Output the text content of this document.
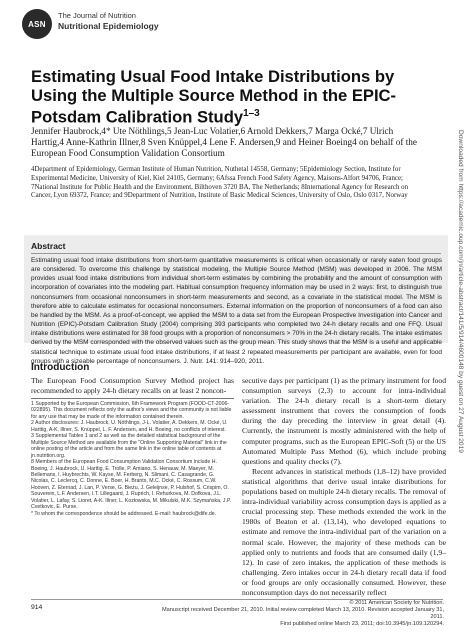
ASN
The Journal of Nutrition
Nutritional Epidemiology
Estimating Usual Food Intake Distributions by Using the Multiple Source Method in the EPIC-Potsdam Calibration Study$^{1-3}$
Jennifer Haubrock,4* Ute Nöthlings,5 Jean-Luc Volatier,6 Arnold Dekkers,7 Marga Ocké,7 Ulrich Harttig,4 Anne-Kathrin Illner,8 Sven Knüppel,4 Lene F. Andersen,9 and Heiner Boeing4 on behalf of the European Food Consumption Validation Consortium
4Department of Epidemiology, German Institute of Human Nutrition, Nuthetal 14558, Germany; 5Epidemiology Section, Institute for Experimental Medicine, University of Kiel, Kiel 24105, Germany; 6Afssa French Food Safety Agency, Maisons-Alfort 94706, France; 7National Institute for Public Health and the Environment, Bilthoven 3720 BA, The Netherlands; 8International Agency for Research on Cancer, Lyon 69372, France; and 9Department of Nutrition, Institute of Basic Medical Sciences, University of Oslo, Oslo 0317, Norway
Abstract
Estimating usual food intake distributions from short-term quantitative measurements is critical when occasionally or rarely eaten food groups are considered. To overcome this challenge by statistical modeling, the Multiple Source Method (MSM) was developed in 2006. The MSM provides usual food intake distributions from individual short-term estimates by combining the probability and the amount of consumption with incorporation of covariates into the modeling part. Habitual consumption frequency information may be used in 2 ways: first, to distinguish true nonconsumers from occasional nonconsumers in short-term measurements and second, as a covariate in the statistical model. The MSM is therefore able to calculate estimates for occasional nonconsumers. External information on the proportion of nonconsumers of a food can also be handled by the MSM. As a proof-of-concept, we applied the MSM to a data set from the European Prospective Investigation into Cancer and Nutrition (EPIC)-Potsdam Calibration Study (2004) comprising 393 participants who completed two 24-h dietary recalls and one FFQ. Usual intake distributions were estimated for 38 food groups with a proportion of nonconsumers > 70% in the 24-h dietary recalls. The intake estimates derived by the MSM corresponded with the observed values such as the group mean. This study shows that the MSM is a useful and applicable statistical technique to estimate usual food intake distributions, if at least 2 repeated measurements per participant are available, even for food groups with a sizeable percentage of nonconsumers. J. Nutr. 141: 914–920, 2011.
Introduction
The European Food Consumption Survey Method project has recommended to apply 24-h dietary recalls on at least 2 noncon-
1 Supported by the European Commission, 6th Framework Program (FOOD-CT-2006-022895). This document reflects only the author's views and the community is not liable for any use that may be made of the information contained therein.
2 Author disclosures: J. Haubrock, U. Nöthlings, J-L. Volatier, A. Dekkers, M. Ocké, U. Harttig, A-K. Illner, S. Knüppel, L. F. Andersen, and H. Boeing, no conflicts of interest.
3 Supplemental Tables 1 and 2 as well as the detailed statistical background of the Multiple Source Method are available from the "Online Supporting Material" link in the online posting of the article and from the same link in the online table of contents at jn.nutrition.org.
8 Members of the European Food Consumption Validation Consortium include H. Boeing, J. Haubrock, U. Harttig, E. Trolle, P. Amiano, S. Henauw, M. Maeyer, M. Bellemans, I. Huybrechts, W. Kayse, M. Ferberg, N. Slimani, C. Casagrande, G. Nicolas, C. Leclercq, C. Donne, E. Boer, H. Brants, M.C. Ocké, C. Rossum, C.W. Hooven, Z. Eternad, J. Lan, P. Verse, G. Bieżu, J. Geleijnse, P. Hulshof, S. Crispim, O. Souverein, L.F. Andersen, I.T. Lillegaard, J. Ruprich, I. Rehurkova, M. Dofkova, J.L. Volatier, L. Lafay, S. Lioret, A-K. Illner, L. Kozłowska, M. Mikulski, M.K. Szymańska, J.P. Cvetkovic, E. Purse.
* To whom the correspondence should be addressed. E-mail: haubrock@dife.de.

secutive days per participant (1) as the primary instrument for food consumption surveys (2,3) to account for intra-individual variation. The 24-h dietary recall is a short-term dietary assessment instrument that covers the consumption of foods during the day preceding the interview in great detail (4). Currently, the instrument is mostly administered with the help of computer programs, such as the European EPIC-Soft (5) or the US Automated Multiple Pass Method (6), which include probing questions and quality checks (7).

Recent advances in statistical methods (1,8–12) have provided statistical algorithms that derive usual intake distributions for populations based on multiple 24-h dietary recalls. The removal of intra-individual variability across consumption days is applied as a crucial processing step. These methods extended the work in the 1980s of Beaton et al. (13,14), who developed equations to estimate and remove the intra-individual part of the variation on a normal scale. However, the majority of these methods can be applied only to nutrients and foods that are consumed daily (1,9–12). In case of zero intakes, the application of these methods is challenging. Zero intakes occur in 24-h dietary recall data if food or food groups are only occasionally consumed. However, these nonconsumption days do not necessarily reflect

914
© 2011 American Society for Nutrition.
Manuscript received December 21, 2010. Initial review completed March 13, 2010. Revision accepted January 31, 2011.
First published online March 23, 2011; doi:10.3945/jn.109.120294.
Downloaded from https://academic.oup.com/jn/article-abstract/141/5/914/4600148 by guest on 27 August 2019
